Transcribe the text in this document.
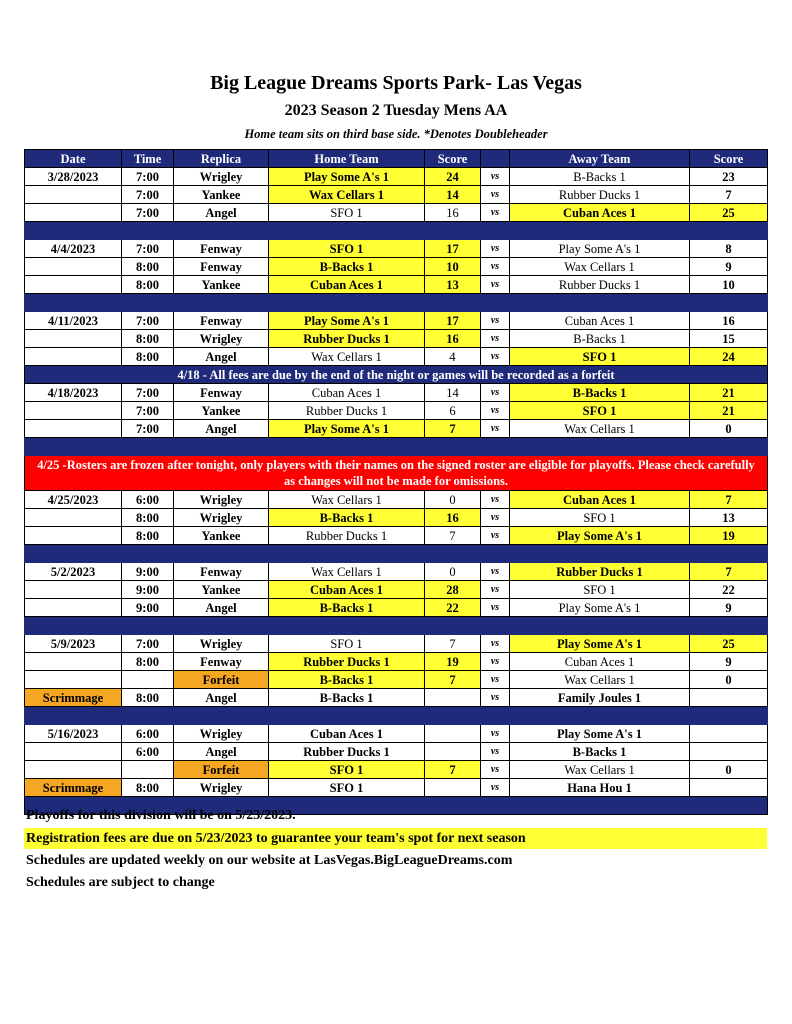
Big League Dreams Sports Park- Las Vegas
2023 Season 2 Tuesday Mens AA
Home team sits on third base side. *Denotes Doubleheader
Date	Time	Replica	Home Team	Score		Away Team	Score
3/28/2023	7:00	Wrigley	Play Some A's 1	24	vs	B-Backs 1	23
	7:00	Yankee	Wax Cellars 1	14	vs	Rubber Ducks 1	7
	7:00	Angel	SFO 1	16	vs	Cuban Aces 1	25

4/4/2023	7:00	Fenway	SFO 1	17	vs	Play Some A's 1	8
	8:00	Fenway	B-Backs 1	10	vs	Wax Cellars 1	9
	8:00	Yankee	Cuban Aces 1	13	vs	Rubber Ducks 1	10

4/11/2023	7:00	Fenway	Play Some A's 1	17	vs	Cuban Aces 1	16
	8:00	Wrigley	Rubber Ducks 1	16	vs	B-Backs 1	15
	8:00	Angel	Wax Cellars 1	4	vs	SFO 1	24
4/18 - All fees are due by the end of the night or games will be recorded as a forfeit							
4/18/2023	7:00	Fenway	Cuban Aces 1	14	vs	B-Backs 1	21
	7:00	Yankee	Rubber Ducks 1	6	vs	SFO 1	21
	7:00	Angel	Play Some A's 1	7	vs	Wax Cellars 1	0

4/25 -Rosters are frozen after tonight, only players with their names on the signed roster are eligible for playoffs. Please check carefully as changes will not be made for omissions.							
4/25/2023	6:00	Wrigley	Wax Cellars 1	0	vs	Cuban Aces 1	7
	8:00	Wrigley	B-Backs 1	16	vs	SFO 1	13
	8:00	Yankee	Rubber Ducks 1	7	vs	Play Some A's 1	19

5/2/2023	9:00	Fenway	Wax Cellars 1	0	vs	Rubber Ducks 1	7
	9:00	Yankee	Cuban Aces 1	28	vs	SFO 1	22
	9:00	Angel	B-Backs 1	22	vs	Play Some A's 1	9

5/9/2023	7:00	Wrigley	SFO 1	7	vs	Play Some A's 1	25
	8:00	Fenway	Rubber Ducks 1	19	vs	Cuban Aces 1	9
		Forfeit	B-Backs 1	7	vs	Wax Cellars 1	0
Scrimmage	8:00	Angel	B-Backs 1		vs	Family Joules 1	

5/16/2023	6:00	Wrigley	Cuban Aces 1		vs	Play Some A's 1	
	6:00	Angel	Rubber Ducks 1		vs	B-Backs 1	
		Forfeit	SFO 1	7	vs	Wax Cellars 1	0
Scrimmage	8:00	Wrigley	SFO 1		vs	Hana Hou 1	

Playoffs for this division will be on 5/23/2023.
Registration fees are due on 5/23/2023 to guarantee your team's spot for next season
Schedules are updated weekly on our website at LasVegas.BigLeagueDreams.com
Schedules are subject to change
